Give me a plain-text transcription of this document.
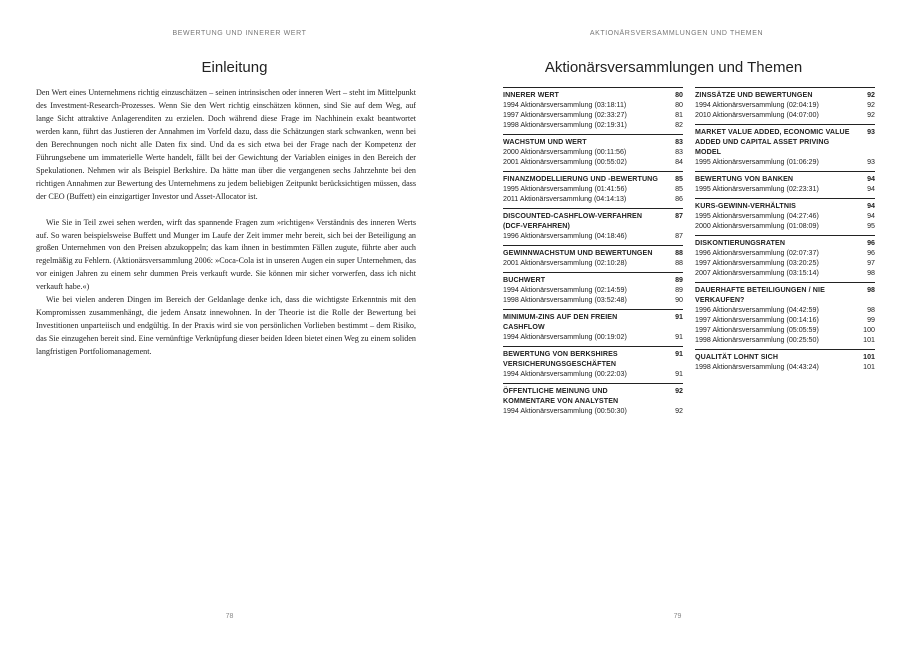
BEWERTUNG UND INNERER WERT
Einleitung

Den Wert eines Unternehmens richtig einzuschätzen – seinen intrinsischen oder inneren Wert – steht im Mittelpunkt des Investment-Research-Prozesses. Wenn Sie den Wert richtig einschätzen können, sind Sie auf dem Weg, auf lange Sicht attraktive Anlagerenditen zu erzielen. Doch während diese Frage im Nachhinein exakt beantwortet werden kann, führt das Justieren der Annahmen im Vorfeld dazu, dass die Schätzungen stark schwanken, wenn bei den Berechnungen noch nicht alle Daten fix sind. Und da es sich etwa bei der Frage nach der Kompetenz der Führungsebene um immaterielle Werte handelt, fällt bei der Gewichtung der Variablen einiges in den Bereich der Spekulationen. Nehmen wir als Beispiel Berkshire. Da hätte man über die vergangenen sechs Jahrzehnte bei den richtigen Annahmen zur Bewertung des Unternehmens zu jedem beliebigen Zeitpunkt berücksichtigen müssen, dass der CEO (Buffett) ein einzigartiger Investor und Asset-Allocator ist.

Wie Sie in Teil zwei sehen werden, wirft das spannende Fragen zum »richtigen« Verständnis des inneren Werts auf. So waren beispielsweise Buffett und Munger im Laufe der Zeit immer mehr bereit, sich bei der Beteiligung an großen Unternehmen von den Preisen abzukoppeln; das kam ihnen in bestimmten Fällen zugute, führte aber auch regelmäßig zu Fehlern. (Aktionärsversammlung 2006: »Coca-Cola ist in unseren Augen ein super Unternehmen, das vor einigen Jahren zu einem sehr dummen Preis verkauft wurde. Sie können mir sicher vorwerfen, dass ich nicht verkauft habe.«)

Wie bei vielen anderen Dingen im Bereich der Geldanlage denke ich, dass die wichtigste Erkenntnis mit den Kompromissen zusammenhängt, die jedem Ansatz innewohnen. In der Theorie ist die Rolle der Bewertung bei Investitionen unparteiisch und endgültig. In der Praxis wird sie von persönlichen Vorlieben bestimmt – dem Risiko, das Sie einzugehen bereit sind. Eine vernünftige Verknüpfung dieser beiden Ideen bietet einen Weg zu einem soliden langfristigen Portfoliomanagement.

78
AKTIONÄRSVERSAMMLUNGEN UND THEMEN
Aktionärsversammlungen und Themen
INNERER WERT	80
1994 Aktionärsversammlung (03:18:11)	80
1997 Aktionärsversammlung (02:33:27)	81
1998 Aktionärsversammlung (02:19:31)	82
WACHSTUM UND WERT	83
2000 Aktionärsversammlung (00:11:56)	83
2001 Aktionärsversammlung (00:55:02)	84
FINANZMODELLIERUNG UND -BEWERTUNG 85
1995 Aktionärsversammlung (01:41:56)	85
2011 Aktionärsversammlung (04:14:13)	86
DISCOUNTED-CASHFLOW-VERFAHREN (DCF-VERFAHREN)
87
1996 Aktionärsversammlung (04:18:46)	87
GEWINNWACHSTUM UND BEWERTUNGEN	88
2001 Aktionärsversammlung (02:10:28)	88
BUCHWERT	89
1994 Aktionärsversammlung (02:14:59)	89
1998 Aktionärsversammlung (03:52:48)	90
MINIMUM-ZINS AUF DEN FREIEN CASHFLOW
91
1994 Aktionärsversammlung (00:19:02)	91
BEWERTUNG VON BERKSHIRES VERSICHERUNGSGESCHÄFTEN
91
1994 Aktionärsversammlung (00:22:03)	91
ÖFFENTLICHE MEINUNG UND KOMMENTARE VON ANALYSTEN
92
1994 Aktionärsversammlung (00:50:30)	92
ZINSSÄTZE UND BEWERTUNGEN	92
1994 Aktionärsversammlung (02:04:19)	92
2010 Aktionärsversammlung (04:07:00)	92
MARKET VALUE ADDED, ECONOMIC VALUE ADDED UND CAPITAL ASSET PRIVING MODEL
93
1995 Aktionärsversammlung (01:06:29)	93
BEWERTUNG VON BANKEN	94
1995 Aktionärsversammlung (02:23:31)	94
KURS-GEWINN-VERHÄLTNIS	94
1995 Aktionärsversammlung (04:27:46)	94
2000 Aktionärsversammlung (01:08:09)	95
DISKONTIERUNGSRATEN	96
1996 Aktionärsversammlung (02:07:37)	96
1997 Aktionärsversammlung (03:20:25)	97
2007 Aktionärsversammlung (03:15:14)	98
DAUERHAFTE BETEILIGUNGEN / NIE VERKAUFEN?
98
1996 Aktionärsversammlung (04:42:59)	98
1997 Aktionärsversammlung (00:14:16)	99
1997 Aktionärsversammlung (05:05:59)	100
1998 Aktionärsversammlung (00:25:50)	101
QUALITÄT LOHNT SICH	101
1998 Aktionärsversammlung (04:43:24)	101
79
